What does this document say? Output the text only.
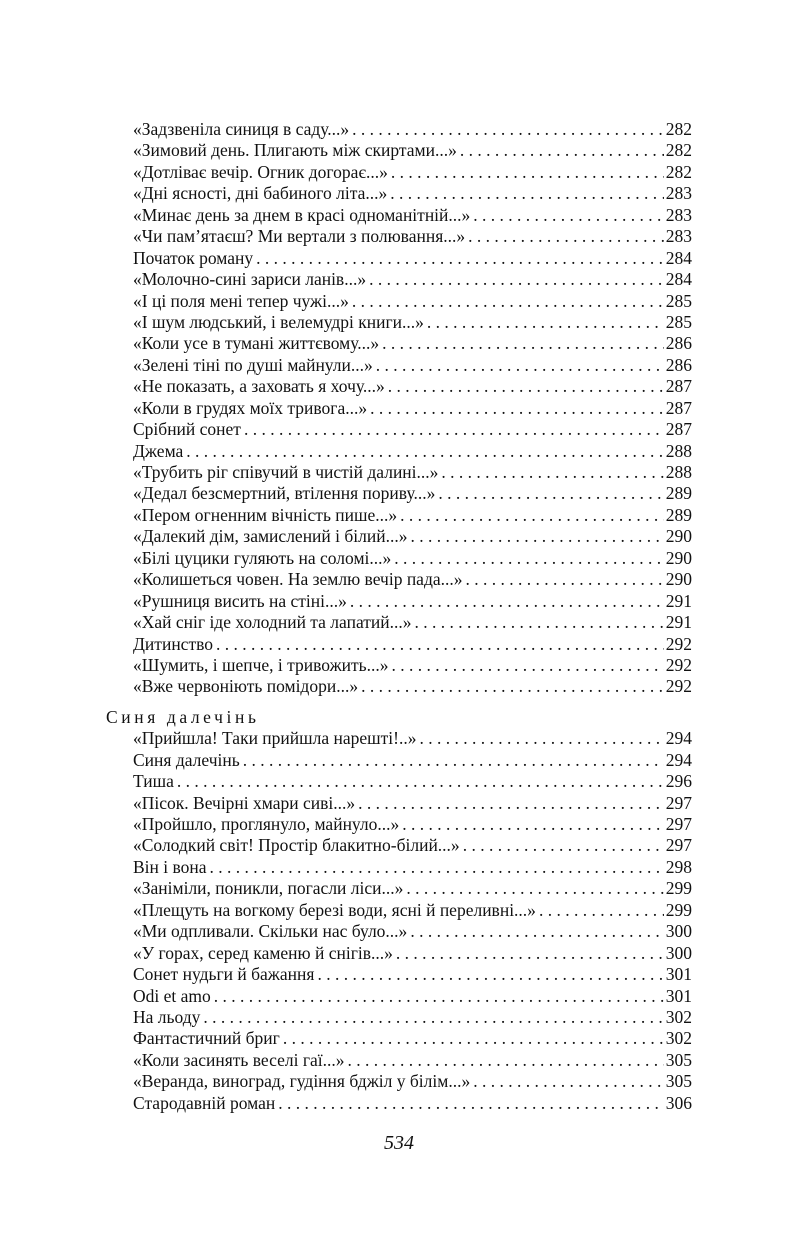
«Задзвеніла синиця в саду...» . . .	282
«Зимовий день. Плигають між скиртами...» . . .	282
«Дотліває вечір. Огник догорає...» . . .	282
«Дні ясності, дні бабиного літа...» . . .	283
«Минає день за днем в красі одноманітній...» . . .	283
«Чи пам’ятаєш? Ми вертали з полювання...» . . .	283
Початок роману . . .	284
«Молочно-сині зариси ланів...» . . .	284
«І ці поля мені тепер чужі...» . . .	285
«І шум людський, і велемудрі книги...» . . .	285
«Коли усе в тумані життєвому...» . . .	286
«Зелені тіні по душі майнули...» . . .	286
«Не показать, а заховать я хочу...» . . .	287
«Коли в грудях моїх тривога...» . . .	287
Срібний сонет . . .	287
Джема . . .	288
«Трубить ріг співучий в чистій далині...» . . .	288
«Дедал безсмертний, втілення пориву...» . . .	289
«Пером огненним вічність пише...» . . .	289
«Далекий дім, замислений і білий...» . . .	290
«Білі цуцики гуляють на соломі...» . . .	290
«Колишеться човен. На землю вечір пада...» . . .	290
«Рушниця висить на стіні...» . . .	291
«Хай сніг іде холодний та лапатий...» . . .	291
Дитинство . . .	292
«Шумить, і шепче, і тривожить...» . . .	292
«Вже червоніють помідори...» . . .	292
Синя далечінь
«Прийшла! Таки прийшла нарешті!..» . . .	294
Синя далечінь . . .	294
Тиша . . .	296
«Пісок. Вечірні хмари сиві...» . . .	297
«Пройшло, проглянуло, майнуло...» . . .	297
«Солодкий світ! Простір блакитно-білий...» . . .	297
Він і вона . . .	298
«Заніміли, поникли, погасли ліси...» . . .	299
«Плещуть на вогкому березі води, ясні й переливні...» . . .	299
«Ми одпливали. Скільки нас було...» . . .	300
«У горах, серед каменю й снігів...» . . .	300
Сонет нудьги й бажання . . .	301
Odi et amo . . .	301
На льоду . . .	302
Фантастичний бриг . . .	302
«Коли засинять веселі гаї...» . . .	305
«Веранда, виноград, гудіння бджіл у білім...» . . .	305
Стародавній роман . . .	306
534
